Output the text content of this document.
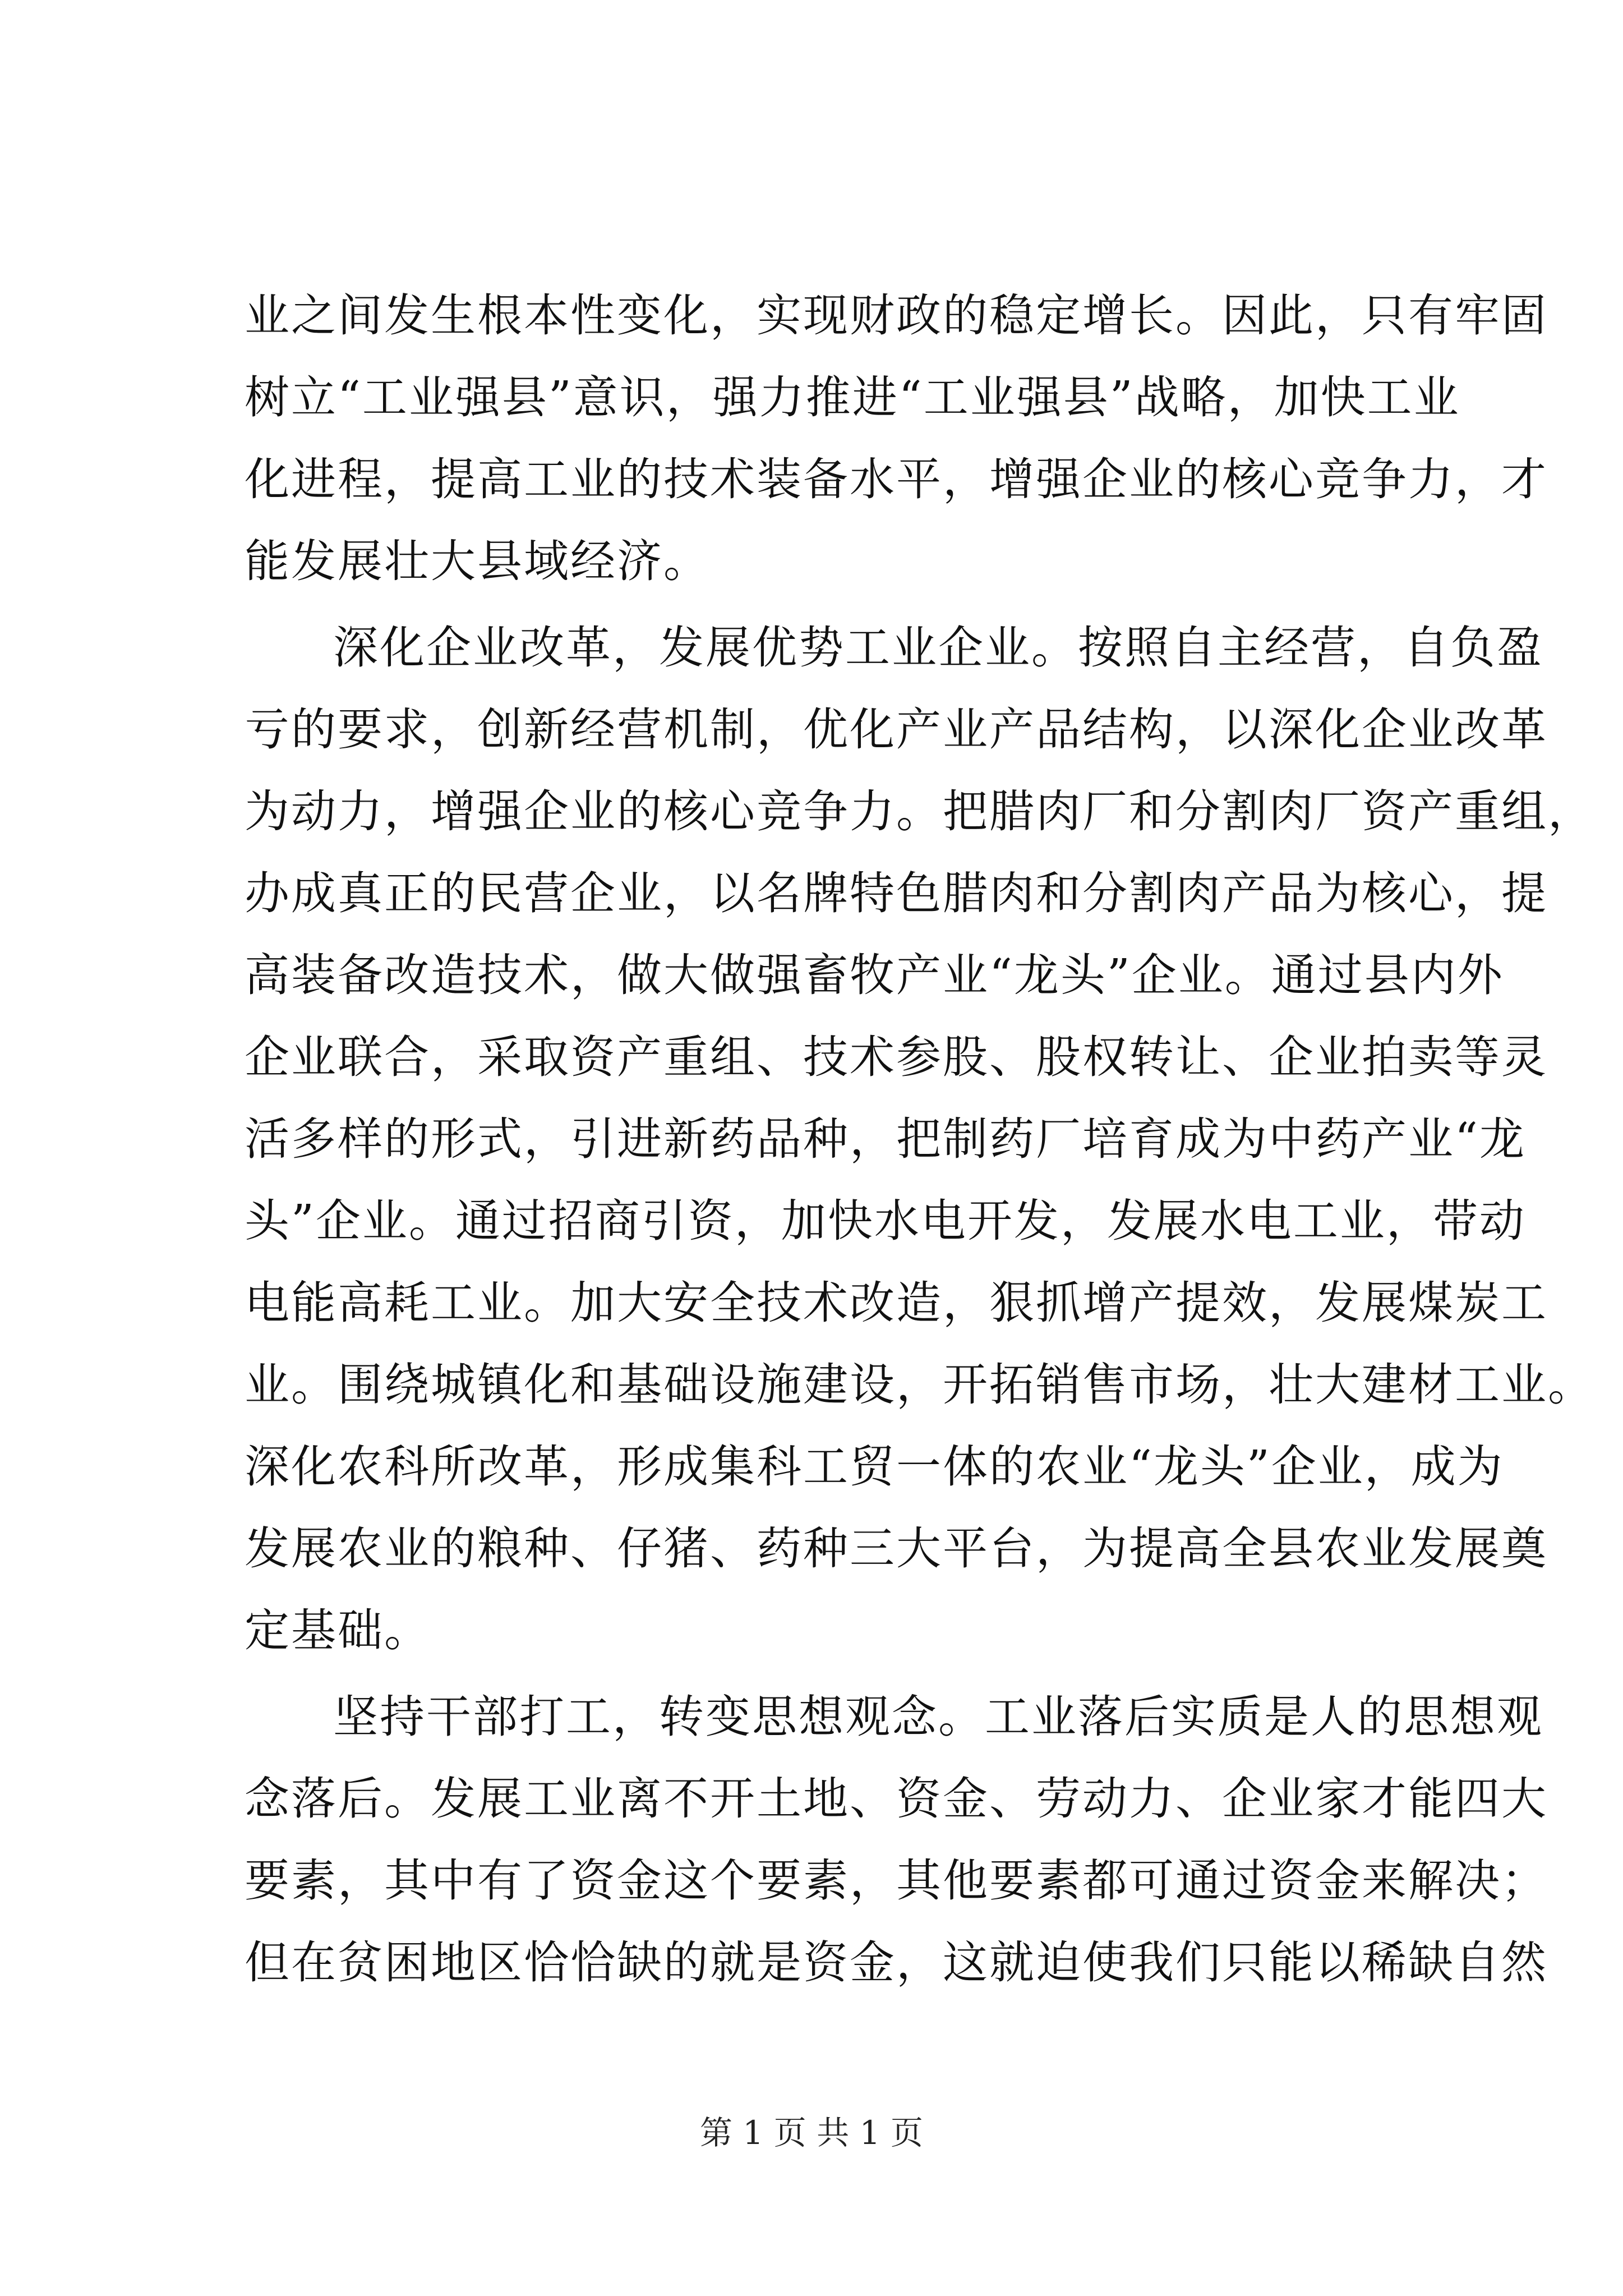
业之间发生根本性变化，实现财政的稳定增长。因此，只有牢固
树立“工业强县”意识，强力推进“工业强县”战略，加快工业
化进程，提高工业的技术装备水平，增强企业的核心竞争力，才
能发展壮大县域经济。
深化企业改革，发展优势工业企业。按照自主经营，自负盈
亏的要求，创新经营机制，优化产业产品结构，以深化企业改革
为动力，增强企业的核心竞争力。把腊肉厂和分割肉厂资产重组，
办成真正的民营企业，以名牌特色腊肉和分割肉产品为核心，提
高装备改造技术，做大做强畜牧产业“龙头”企业。通过县内外
企业联合，采取资产重组、技术参股、股权转让、企业拍卖等灵
活多样的形式，引进新药品种，把制药厂培育成为中药产业“龙
头”企业。通过招商引资，加快水电开发，发展水电工业，带动
电能高耗工业。加大安全技术改造，狠抓增产提效，发展煤炭工
业。围绕城镇化和基础设施建设，开拓销售市场，壮大建材工业。
深化农科所改革，形成集科工贸一体的农业“龙头”企业，成为
发展农业的粮种、仔猪、药种三大平台，为提高全县农业发展奠
定基础。
坚持干部打工，转变思想观念。工业落后实质是人的思想观
念落后。发展工业离不开土地、资金、劳动力、企业家才能四大
要素，其中有了资金这个要素，其他要素都可通过资金来解决；
但在贫困地区恰恰缺的就是资金，这就迫使我们只能以稀缺自然
第 1 页 共 1 页
